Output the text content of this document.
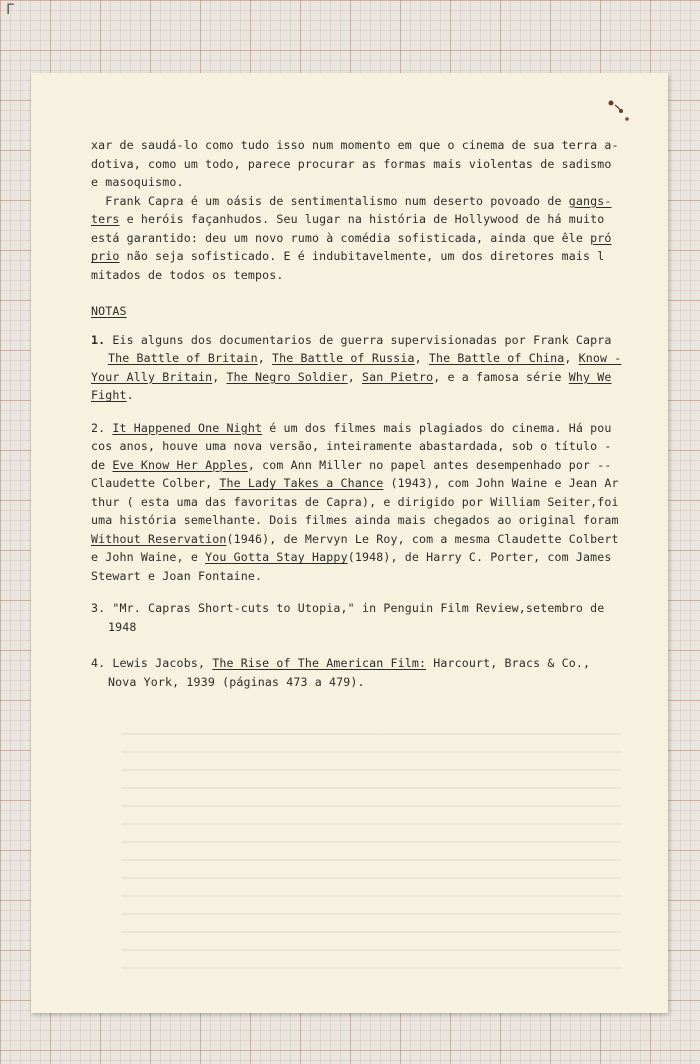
Γ
xar de saudá-lo como tudo isso num momento em que o cinema de sua terra a-
dotiva, como um todo, parece procurar as formas mais violentas de sadismo
e masoquismo.
Frank Capra é um oásis de sentimentalismo num deserto povoado de gangs-
ters e heróis façanhudos. Seu lugar na história de Hollywood de há muito
está garantido: deu um novo rumo à comédia sofisticada, ainda que êle pró
prio não seja sofisticado. E é indubitavelmente, um dos diretores mais l
mitados de todos os tempos.
NOTAS
1. Eis alguns dos documentarios de guerra supervisionadas por Frank Capra
The Battle of Britain, The Battle of Russia, The Battle of China, Know -
Your Ally Britain, The Negro Soldier, San Pietro, e a famosa série Why We
Fight.
2. It Happened One Night é um dos filmes mais plagiados do cinema. Há pou
cos anos, houve uma nova versão, inteiramente abastardada, sob o título -
de Eve Know Her Apples, com Ann Miller no papel antes desempenhado por --
Claudette Colber, The Lady Takes a Chance (1943), com John Waine e Jean Ar
thur ( esta uma das favoritas de Capra), e dirigido por William Seiter,foi
uma história semelhante. Dois filmes ainda mais chegados ao original foram
Without Reservation(1946), de Mervyn Le Roy, com a mesma Claudette Colbert
e John Waine, e You Gotta Stay Happy(1948), de Harry C. Porter, com James
Stewart e Joan Fontaine.
3. "Mr. Capras Short-cuts to Utopia," in Penguin Film Review,setembro de
1948
4. Lewis Jacobs, The Rise of The American Film: Harcourt, Bracs & Co.,
Nova York, 1939 (páginas 473 a 479).
